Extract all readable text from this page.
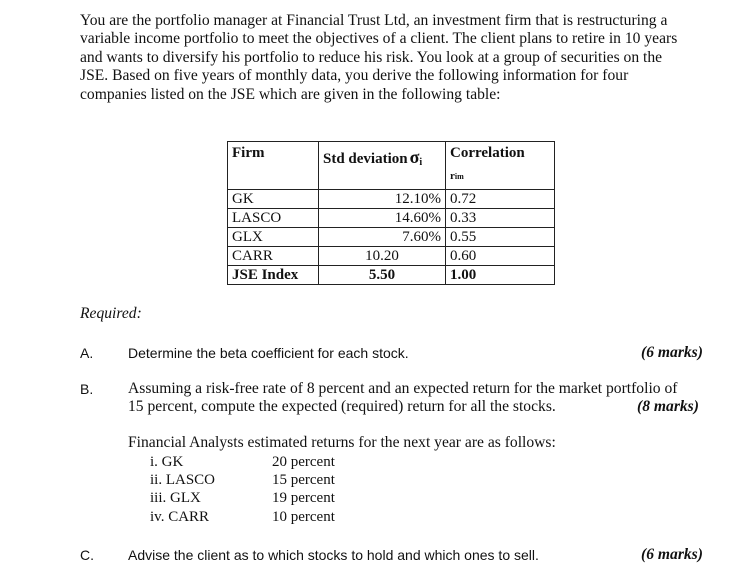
You are the portfolio manager at Financial Trust Ltd, an investment firm that is restructuring a
variable income portfolio to meet the objectives of a client. The client plans to retire in 10 years
and wants to diversify his portfolio to reduce his risk. You look at a group of securities on the
JSE. Based on five years of monthly data, you derive the following information for four
companies listed on the JSE which are given in the following table:
Firm	Std deviation σi	Correlation
rim

GK	12.10%	0.72
LASCO	14.60%	0.33
GLX	7.60%	0.55
CARR	10.20	0.60
JSE Index	5.50	1.00
Required:
A. Determine the beta coefficient for each stock.	(6 marks)
B. Assuming a risk-free rate of 8 percent and an expected return for the market portfolio of
15 percent, compute the expected (required) return for all the stocks.	(8 marks)
Financial Analysts estimated returns for the next year are as follows:
i. GK	20 percent
ii. LASCO	15 percent
iii. GLX	19 percent
iv. CARR	10 percent
C. Advise the client as to which stocks to hold and which ones to sell.	(6 marks)
